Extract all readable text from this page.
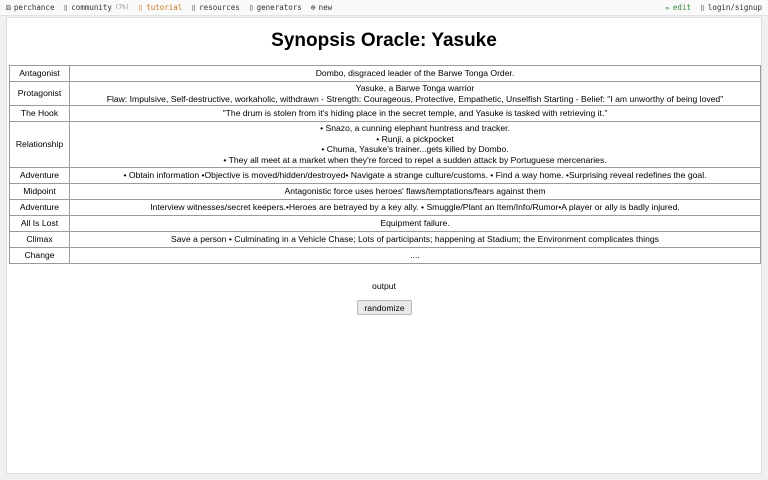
⚄ perchance ▯ community (7h) ▯ tutorial ▯ resources ▯ generators ⊕ new	✏ edit ▯ login/signup
Synopsis Oracle: Yasuke
Antagonist	Dombo, disgraced leader of the Barwe Tonga Order.

Protagonist	Yasuke, a Barwe Tonga warrior
Flaw: Impulsive, Self-destructive, workaholic, withdrawn - Strength: Courageous, Protective, Empathetic, Unselfish Starting - Belief: "I am unworthy of being loved"

The Hook	"The drum is stolen from it's hiding place in the secret temple, and Yasuke is tasked with retrieving it."

Relationship	• Snazo, a cunning elephant huntress and tracker.
• Runji, a pickpocket
• Chuma, Yasuke's trainer...gets killed by Dombo.
• They all meet at a market when they're forced to repel a sudden attack by Portuguese mercenaries.

Adventure	• Obtain information •Objective is moved/hidden/destroyed• Navigate a strange culture/customs. • Find a way home. •Surprising reveal redefines the goal.

Midpoint	Antagonistic force uses heroes' flaws/temptations/fears against them

Adventure	Interview witnesses/secret keepers.•Heroes are betrayed by a key ally. • Smuggle/Plant an Item/Info/Rumor•A player or ally is badly injured.

All Is Lost	Equipment failure.

Climax	Save a person • Culminating in a Vehicle Chase; Lots of participants; happening at Stadium; the Environment complicates things

Change	....
output
randomize
